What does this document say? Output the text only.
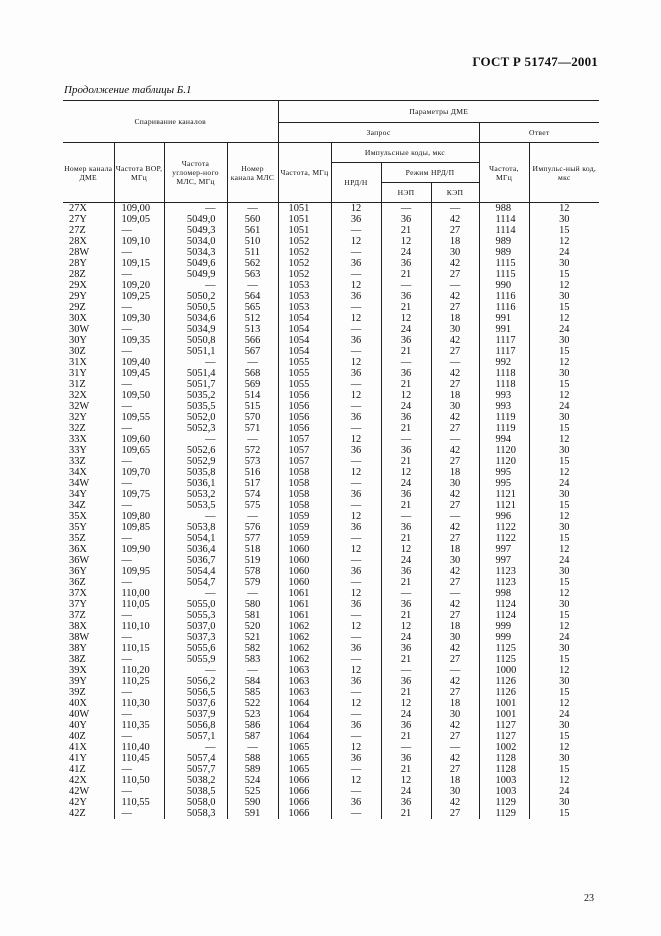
ГОСТ Р 51747—2001
Продолжение таблицы Б.1
Спаривание каналов				Параметры ДМЕ					
				Запрос				Ответ	
Номер канала ДМЕ	Частота ВОР, МГц	Частота угломер-ного МЛС, МГц	Номер канала МЛС	Частота, МГц	Импульсные коды, мкс			Частота, МГц	Импульс-ный код, мкс
					НРД/Н	Режим НРД/П			
						НЭП	КЭП		
27X	109,00	—	—	1051	12	—	—	988	12
27Y	109,05	5049,0	560	1051	36	36	42	1114	30
27Z	—	5049,3	561	1051	—	21	27	1114	15
28X	109,10	5034,0	510	1052	12	12	18	989	12
28W	—	5034,3	511	1052	—	24	30	989	24
28Y	109,15	5049,6	562	1052	36	36	42	1115	30
28Z	—	5049,9	563	1052	—	21	27	1115	15
29X	109,20	—	—	1053	12	—	—	990	12
29Y	109,25	5050,2	564	1053	36	36	42	1116	30
29Z	—	5050,5	565	1053	—	21	27	1116	15
30X	109,30	5034,6	512	1054	12	12	18	991	12
30W	—	5034,9	513	1054	—	24	30	991	24
30Y	109,35	5050,8	566	1054	36	36	42	1117	30
30Z	—	5051,1	567	1054	—	21	27	1117	15
31X	109,40	—	—	1055	12	—	—	992	12
31Y	109,45	5051,4	568	1055	36	36	42	1118	30
31Z	—	5051,7	569	1055	—	21	27	1118	15
32X	109,50	5035,2	514	1056	12	12	18	993	12
32W	—	5035,5	515	1056	—	24	30	993	24
32Y	109,55	5052,0	570	1056	36	36	42	1119	30
32Z	—	5052,3	571	1056	—	21	27	1119	15
33X	109,60	—	—	1057	12	—	—	994	12
33Y	109,65	5052,6	572	1057	36	36	42	1120	30
33Z	—	5052,9	573	1057	—	21	27	1120	15
34X	109,70	5035,8	516	1058	12	12	18	995	12
34W	—	5036,1	517	1058	—	24	30	995	24
34Y	109,75	5053,2	574	1058	36	36	42	1121	30
34Z	—	5053,5	575	1058	—	21	27	1121	15
35X	109,80	—	—	1059	12	—	—	996	12
35Y	109,85	5053,8	576	1059	36	36	42	1122	30
35Z	—	5054,1	577	1059	—	21	27	1122	15
36X	109,90	5036,4	518	1060	12	12	18	997	12
36W	—	5036,7	519	1060	—	24	30	997	24
36Y	109,95	5054,4	578	1060	36	36	42	1123	30
36Z	—	5054,7	579	1060	—	21	27	1123	15
37X	110,00	—	—	1061	12	—	—	998	12
37Y	110,05	5055,0	580	1061	36	36	42	1124	30
37Z	—	5055,3	581	1061	—	21	27	1124	15
38X	110,10	5037,0	520	1062	12	12	18	999	12
38W	—	5037,3	521	1062	—	24	30	999	24
38Y	110,15	5055,6	582	1062	36	36	42	1125	30
38Z	—	5055,9	583	1062	—	21	27	1125	15
39X	110,20	—	—	1063	12	—	—	1000	12
39Y	110,25	5056,2	584	1063	36	36	42	1126	30
39Z	—	5056,5	585	1063	—	21	27	1126	15
40X	110,30	5037,6	522	1064	12	12	18	1001	12
40W	—	5037,9	523	1064	—	24	30	1001	24
40Y	110,35	5056,8	586	1064	36	36	42	1127	30
40Z	—	5057,1	587	1064	—	21	27	1127	15
41X	110,40	—	—	1065	12	—	—	1002	12
41Y	110,45	5057,4	588	1065	36	36	42	1128	30
41Z	—	5057,7	589	1065	—	21	27	1128	15
42X	110,50	5038,2	524	1066	12	12	18	1003	12
42W	—	5038,5	525	1066	—	24	30	1003	24
42Y	110,55	5058,0	590	1066	36	36	42	1129	30
42Z	—	5058,3	591	1066	—	21	27	1129	15
23
